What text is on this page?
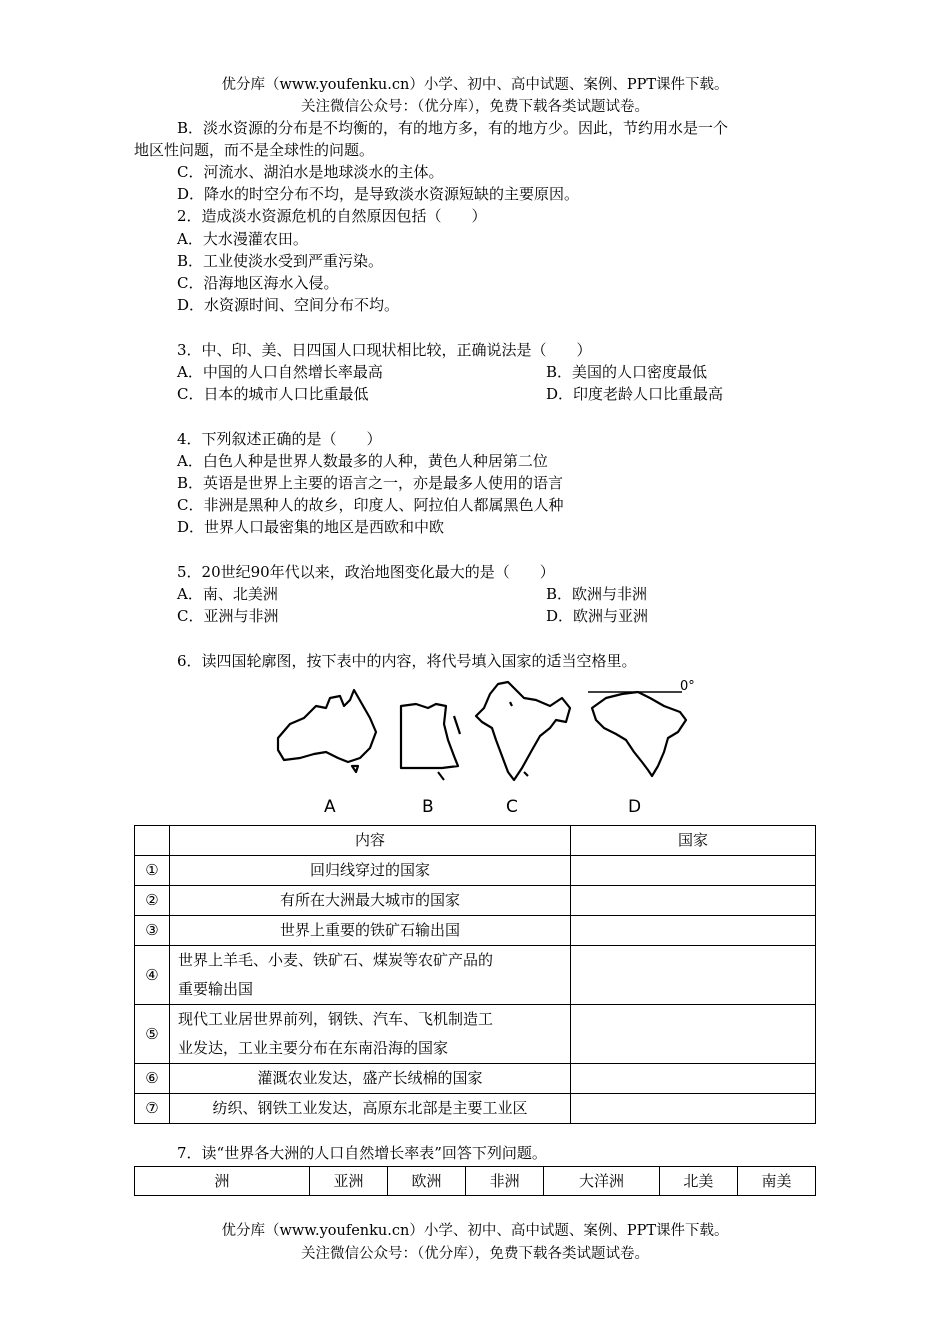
优分库（www.youfenku.cn）小学、初中、高中试题、案例、PPT课件下载。
关注微信公众号：（优分库），免费下载各类试题试卷。
B．淡水资源的分布是不均衡的，有的地方多，有的地方少。因此，节约用水是一个
地区性问题，而不是全球性的问题。
C．河流水、湖泊水是地球淡水的主体。
D．降水的时空分布不均，是导致淡水资源短缺的主要原因。
2．造成淡水资源危机的自然原因包括（　　）
A．大水漫灌农田。
B．工业使淡水受到严重污染。
C．沿海地区海水入侵。
D．水资源时间、空间分布不均。
3．中、印、美、日四国人口现状相比较，正确说法是（　　）
A．中国的人口自然增长率最高	B．美国的人口密度最低
C．日本的城市人口比重最低	D．印度老龄人口比重最高
4．下列叙述正确的是（　　）
A．白色人种是世界人数最多的人种，黄色人种居第二位
B．英语是世界上主要的语言之一，亦是最多人使用的语言
C．非洲是黑种人的故乡，印度人、阿拉伯人都属黑色人种
D．世界人口最密集的地区是西欧和中欧
5．20世纪90年代以来，政治地图变化最大的是（　　）
A．南、北美洲	B．欧洲与非洲
C．亚洲与非洲	D．欧洲与亚洲
6．读四国轮廓图，按下表中的内容，将代号填入国家的适当空格里。
0°
A	B	C	D
	内容	国家
①	回归线穿过的国家	
②	有所在大洲最大城市的国家	
③	世界上重要的铁矿石输出国	
④	世界上羊毛、小麦、铁矿石、煤炭等农矿产品的
重要输出国	

⑤	现代工业居世界前列，钢铁、汽车、飞机制造工
业发达，工业主要分布在东南沿海的国家	

⑥	灌溉农业发达，盛产长绒棉的国家	
⑦	纺织、钢铁工业发达，高原东北部是主要工业区	
7．读“世界各大洲的人口自然增长率表”回答下列问题。
洲	亚洲	欧洲	非洲	大洋洲	北美	南美
优分库（www.youfenku.cn）小学、初中、高中试题、案例、PPT课件下载。
关注微信公众号：（优分库），免费下载各类试题试卷。
